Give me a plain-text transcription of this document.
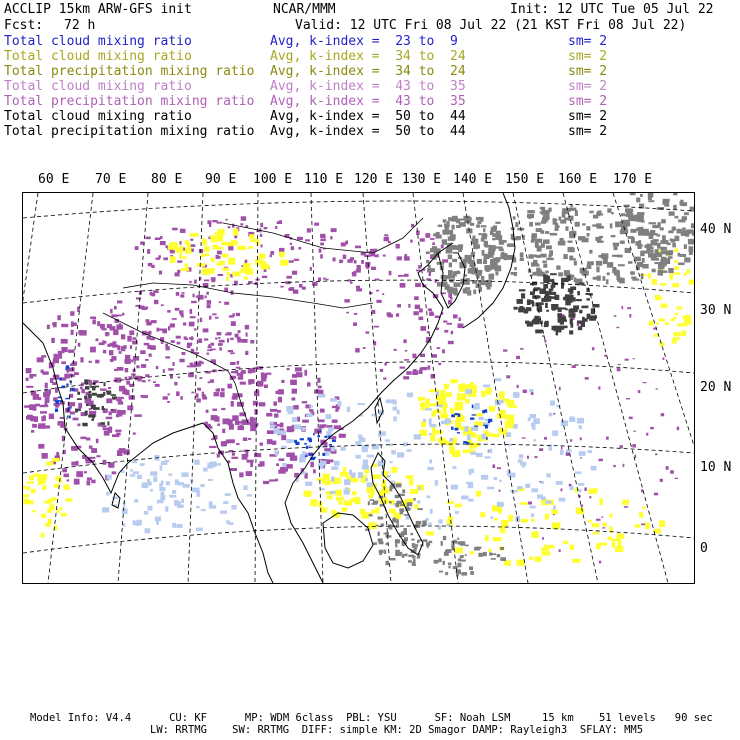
ACCLIP 15km ARW-GFS init	NCAR/MMM	Init: 12 UTC Tue 05 Jul 22
Fcst: 72 h	Valid: 12 UTC Fri 08 Jul 22 (21 KST Fri 08 Jul 22)
Total cloud mixing ratio	Avg, k-index =  23 to  9	sm= 2
Total cloud mixing ratio	Avg, k-index =  34 to  24	sm= 2
Total precipitation mixing ratio Avg, k-index =  34 to  24	sm= 2
Total cloud mixing ratio	Avg, k-index =  43 to  35	sm= 2
Total precipitation mixing ratio Avg, k-index =  43 to  35	sm= 2
Total cloud mixing ratio	Avg, k-index =  50 to  44	sm= 2
Total precipitation mixing ratio Avg, k-index =  50 to  44	sm= 2
60 E 70 E 80 E 90 E 100 E 110 E 120 E 130 E 140 E 150 E 160 E 170 E
40 N
30 N
20 N
10 N
0
Model Info: V4.4      CU: KF      MP: WDM 6class  PBL: YSU      SF: Noah LSM     15 km    51 levels   90 sec
LW: RRTMG    SW: RRTMG  DIFF: simple KM: 2D Smagor DAMP: Rayleigh3  SFLAY: MM5
